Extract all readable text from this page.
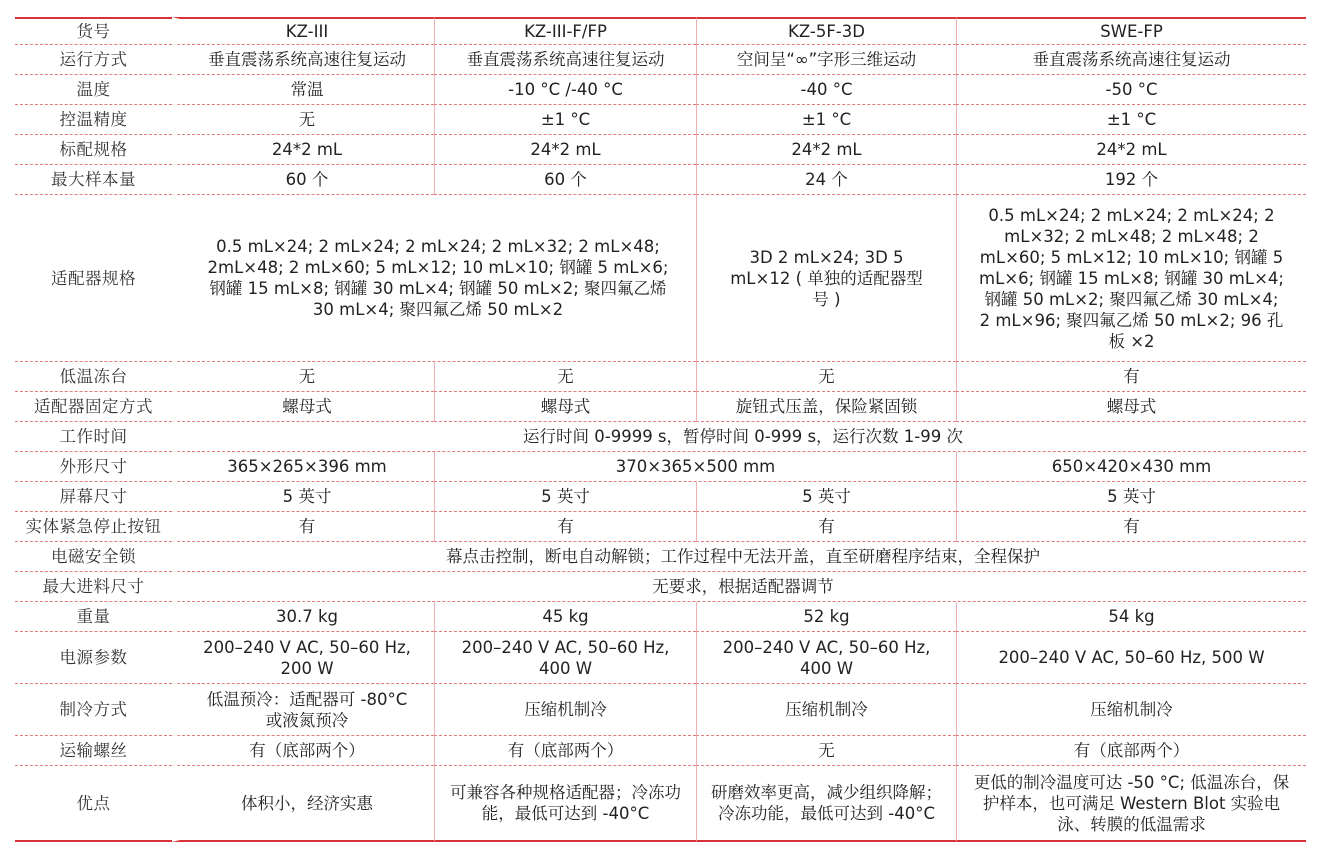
货号	KZ-III	KZ-III-F/FP	KZ-5F-3D	SWE-FP
运行方式	垂直震荡系统高速往复运动	垂直震荡系统高速往复运动	空间呈“∞”字形三维运动	垂直震荡系统高速往复运动
温度	常温	-10 °C /-40 °C	-40 °C	-50 °C
控温精度	无	±1 °C	±1 °C	±1 °C
标配规格	24*2 mL	24*2 mL	24*2 mL	24*2 mL
最大样本量	60 个	60 个	24 个	192 个
适配器规格	0.5 mL×24; 2 mL×24; 2 mL×24; 2 mL×32; 2 mL×48; 2mL×48; 2 mL×60; 5 mL×12; 10 mL×10; 钢罐 5 mL×6; 钢罐 15 mL×8; 钢罐 30 mL×4; 钢罐 50 mL×2; 聚四氟乙烯 30 mL×4; 聚四氟乙烯 50 mL×2		3D 2 mL×24; 3D 5 mL×12 ( 单独的适配器型号 )	0.5 mL×24; 2 mL×24; 2 mL×24; 2 mL×32; 2 mL×48; 2 mL×48; 2 mL×60; 5 mL×12; 10 mL×10; 钢罐 5 mL×6; 钢罐 15 mL×8; 钢罐 30 mL×4; 钢罐 50 mL×2; 聚四氟乙烯 30 mL×4; 2 mL×96; 聚四氟乙烯 50 mL×2; 96 孔板 ×2
低温冻台	无	无	无	有
适配器固定方式	螺母式	螺母式	旋钮式压盖，保险紧固锁	螺母式
工作时间	运行时间 0-9999 s，暂停时间 0-999 s，运行次数 1-99 次			
外形尺寸	365×265×396 mm	370×365×500 mm		650×420×430 mm
屏幕尺寸	5 英寸	5 英寸	5 英寸	5 英寸
实体紧急停止按钮	有	有	有	有
电磁安全锁	幕点击控制，断电自动解锁；工作过程中无法开盖，直至研磨程序结束，全程保护			
最大进料尺寸	无要求，根据适配器调节			
重量	30.7 kg	45 kg	52 kg	54 kg
电源参数	200–240 V AC, 50–60 Hz, 200 W	200–240 V AC, 50–60 Hz, 400 W	200–240 V AC, 50–60 Hz, 400 W	200–240 V AC, 50–60 Hz, 500 W
制冷方式	低温预冷：适配器可 -80°C 或液氮预冷	压缩机制冷	压缩机制冷	压缩机制冷
运输螺丝	有（底部两个）	有（底部两个）	无	有（底部两个）
优点	体积小，经济实惠	可兼容各种规格适配器；冷冻功能，最低可达到 -40°C	研磨效率更高，减少组织降解；冷冻功能，最低可达到 -40°C	更低的制冷温度可达 -50 °C; 低温冻台，保护样本，也可满足 Western Blot 实验电泳、转膜的低温需求
